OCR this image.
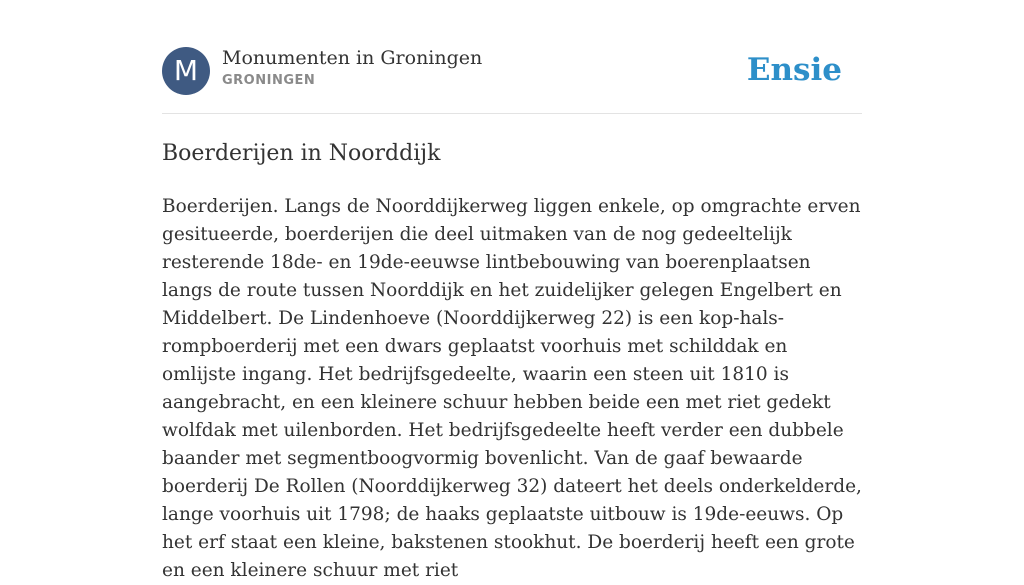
M	Monumenten in Groningen
GRONINGEN	Ensie
Boerderijen in Noorddijk
Boerderijen. Langs de Noorddijkerweg liggen enkele, op omgrachte erven gesitueerde, boerderijen die deel uitmaken van de nog gedeeltelijk resterende 18de- en 19de-eeuwse lintbebouwing van boerenplaatsen langs de route tussen Noorddijk en het zuidelijker gelegen Engelbert en Middelbert. De Lindenhoeve (Noorddijkerweg 22) is een kop-hals-rompboerderij met een dwars geplaatst voorhuis met schilddak en omlijste ingang. Het bedrijfsgedeelte, waarin een steen uit 1810 is aangebracht, en een kleinere schuur hebben beide een met riet gedekt wolfdak met uilenborden. Het bedrijfsgedeelte heeft verder een dubbele baander met segmentboogvormig bovenlicht. Van de gaaf bewaarde boerderij De Rollen (Noorddijkerweg 32) dateert het deels onderkelderde, lange voorhuis uit 1798; de haaks geplaatste uitbouw is 19de-eeuws. Op het erf staat een kleine, bakstenen stookhut. De boerderij heeft een grote en een kleinere schuur met riet
